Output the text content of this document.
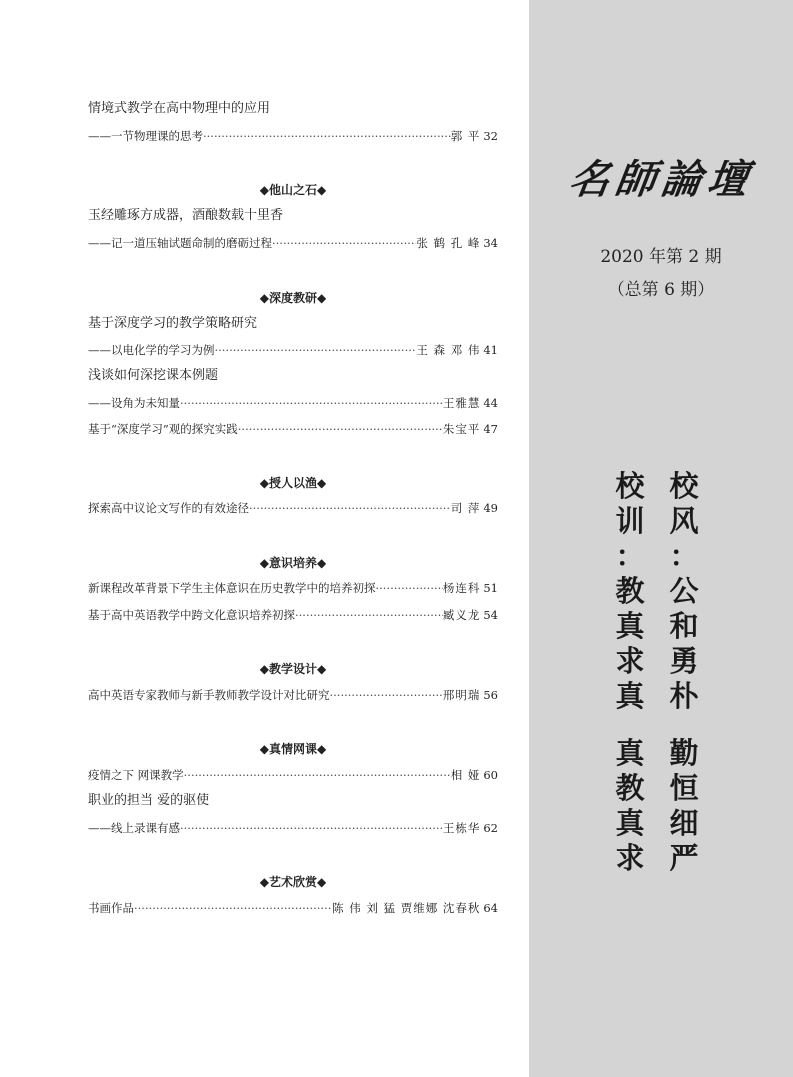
情境式教学在高中物理中的应用
——一节物理课的思考 ·····	郭 平 32
◆他山之石◆
玉经雕琢方成器，酒酿数载十里香
——记一道压轴试题命制的磨砺过程 ·····	张 鹤 孔 峰 34
◆深度教研◆
基于深度学习的教学策略研究
——以电化学的学习为例 ·····	王 森 邓 伟 41
浅谈如何深挖课本例题
——设角为未知量 ·····	王雅慧 44
基于“深度学习”观的探究实践 ·····	朱宝平 47
◆授人以渔◆
探索高中议论文写作的有效途径 ·····	司 萍 49
◆意识培养◆
新课程改革背景下学生主体意识在历史教学中的培养初探 ·····	杨连科 51
基于高中英语教学中跨文化意识培养初探 ·····	臧义龙 54
◆教学设计◆
高中英语专家教师与新手教师教学设计对比研究 ·····	邢明瑞 56
◆真情网课◆
疫情之下 网课教学 ·····	相 娅 60
职业的担当 爱的驱使
——线上录课有感 ·····	王栋华 62
◆艺术欣赏◆
书画作品 ·····	陈 伟 刘 猛 贾维娜 沈春秋 64
名師論壇
2020 年第 2 期
（总第 6 期）
校
训
：
教
真
求
真
真
教
真
求
校
风
：
公
和
勇
朴
勤
恒
细
严
